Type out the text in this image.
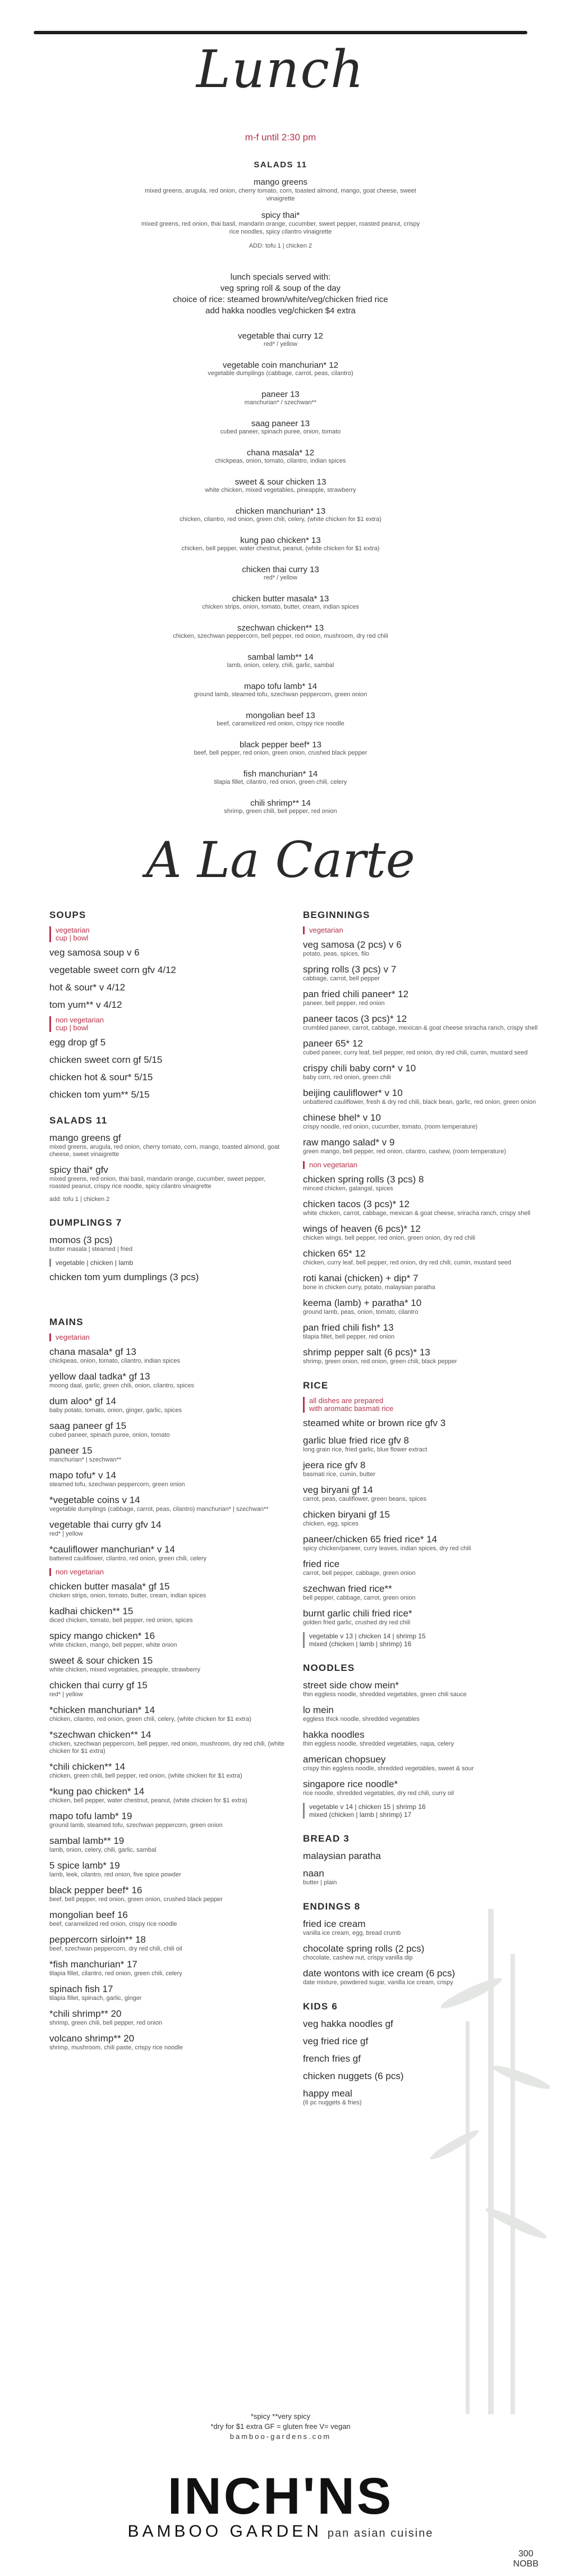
Lunch
m-f until 2:30 pm
SALADS 11
mango greens
mixed greens, arugula, red onion, cherry tomato, corn, toasted almond, mango, goat cheese, sweet vinaigrette
spicy thai*
mixed greens, red onion, thai basil, mandarin orange, cucumber, sweet pepper, roasted peanut, crispy rice noodles, spicy cilantro vinaigrette
ADD: tofu 1 | chicken 2
lunch specials served with:
veg spring roll & soup of the day
choice of rice: steamed brown/white/veg/chicken fried rice
add hakka noodles veg/chicken $4 extra
vegetable thai curry 12
red* / yellow
vegetable coin manchurian* 12
vegetable dumplings (cabbage, carrot, peas, cilantro)
paneer 13
manchurian* / szechwan**
saag paneer 13
cubed paneer, spinach puree, onion, tomato
chana masala* 12
chickpeas, onion, tomato, cilantro, indian spices
sweet & sour chicken 13
white chicken, mixed vegetables, pineapple, strawberry
chicken manchurian* 13
chicken, cilantro, red onion, green chili, celery, (white chicken for $1 extra)
kung pao chicken* 13
chicken, bell pepper, water chestnut, peanut, (white chicken for $1 extra)
chicken thai curry 13
red* / yellow
chicken butter masala* 13
chicken strips, onion, tomato, butter, cream, indian spices
szechwan chicken** 13
chicken, szechwan peppercorn, bell pepper, red onion, mushroom, dry red chili
sambal lamb** 14
lamb, onion, celery, chili, garlic, sambal
mapo tofu lamb* 14
ground lamb, steamed tofu, szechwan peppercorn, green onion
mongolian beef 13
beef, caramelized red onion, crispy rice noodle
black pepper beef* 13
beef, bell pepper, red onion, green onion, crushed black pepper
fish manchurian* 14
tilapia fillet, cilantro, red onion, green chili, celery
chili shrimp** 14
shrimp, green chili, bell pepper, red onion
A La Carte
SOUPS
vegetarian
cup | bowl
veg samosa soup v 6
vegetable sweet corn gfv 4/12
hot & sour* v 4/12
tom yum** v 4/12
non vegetarian
cup | bowl
egg drop gf 5
chicken sweet corn gf 5/15
chicken hot & sour* 5/15
chicken tom yum** 5/15
SALADS 11
mango greens gf
mixed greens, arugula, red onion, cherry tomato, corn, mango, toasted almond, goat cheese, sweet vinaigrette
spicy thai* gfv
mixed greens, red onion, thai basil, mandarin orange, cucumber, sweet pepper, roasted peanut, crispy rice noodle, spicy cilantro vinaigrette
add: tofu 1 | chicken 2
DUMPLINGS 7
momos (3 pcs)
butter masala | steamed | fried
vegetable | chicken | lamb
chicken tom yum dumplings (3 pcs)
MAINS
vegetarian
chana masala* gf 13
chickpeas, onion, tomato, cilantro, indian spices
yellow daal tadka* gf 13
moong daal, garlic, green chili, onion, cilantro, spices
dum aloo* gf 14
baby potato, tomato, onion, ginger, garlic, spices
saag paneer gf 15
cubed paneer, spinach puree, onion, tomato
paneer 15
manchurian* | szechwan**
mapo tofu* v 14
steamed tofu, szechwan peppercorn, green onion
*vegetable coins v 14
vegetable dumplings (cabbage, carrot, peas, cilantro) manchurian* | szechwan**
vegetable thai curry gfv 14
red* | yellow
*cauliflower manchurian* v 14
battered cauliflower, cilantro, red onion, green chili, celery
non vegetarian
chicken butter masala* gf 15
chicken strips, onion, tomato, butter, cream, indian spices
kadhai chicken** 15
diced chicken, tomato, bell pepper, red onion, spices
spicy mango chicken* 16
white chicken, mango, bell pepper, white onion
sweet & sour chicken 15
white chicken, mixed vegetables, pineapple, strawberry
chicken thai curry gf 15
red* | yellow
*chicken manchurian* 14
chicken, cilantro, red onion, green chili, celery, (white chicken for $1 extra)
*szechwan chicken** 14
chicken, szechwan peppercorn, bell pepper, red onion, mushroom, dry red chili, (white chicken for $1 extra)
*chili chicken** 14
chicken, green chili, bell pepper, red onion, (white chicken for $1 extra)
*kung pao chicken* 14
chicken, bell pepper, water chestnut, peanut, (white chicken for $1 extra)
mapo tofu lamb* 19
ground lamb, steamed tofu, szechwan peppercorn, green onion
sambal lamb** 19
lamb, onion, celery, chili, garlic, sambal
5 spice lamb* 19
lamb, leek, cilantro, red onion, five spice powder
black pepper beef* 16
beef, bell pepper, red onion, green onion, crushed black pepper
mongolian beef 16
beef, caramelized red onion, crispy rice noodle
peppercorn sirloin** 18
beef, szechwan peppercorn, dry red chili, chili oil
*fish manchurian* 17
tilapia fillet, cilantro, red onion, green chili, celery
spinach fish 17
tilapia fillet, spinach, garlic, ginger
*chili shrimp** 20
shrimp, green chili, bell pepper, red onion
volcano shrimp** 20
shrimp, mushroom, chili paste, crispy rice noodle
BEGINNINGS
vegetarian
veg samosa (2 pcs) v 6
potato, peas, spices, filo
spring rolls (3 pcs) v 7
cabbage, carrot, bell pepper
pan fried chili paneer* 12
paneer, bell pepper, red onion
paneer tacos (3 pcs)* 12
crumbled paneer, carrot, cabbage, mexican & goat cheese sriracha ranch, crispy shell
paneer 65* 12
cubed paneer, curry leaf, bell pepper, red onion, dry red chili, cumin, mustard seed
crispy chili baby corn* v 10
baby corn, red onion, green chili
beijing cauliflower* v 10
unbattered cauliflower, fresh & dry red chili, black bean, garlic, red onion, green onion
chinese bhel* v 10
crispy noodle, red onion, cucumber, tomato, (room temperature)
raw mango salad* v 9
green mango, bell pepper, red onion, cilantro, cashew, (room temperature)
non vegetarian
chicken spring rolls (3 pcs) 8
minced chicken, galangal, spices
chicken tacos (3 pcs)* 12
white chicken, carrot, cabbage, mexican & goat cheese, sriracha ranch, crispy shell
wings of heaven (6 pcs)* 12
chicken wings, bell pepper, red onion, green onion, dry red chili
chicken 65* 12
chicken, curry leaf, bell pepper, red onion, dry red chili, cumin, mustard seed
roti kanai (chicken) + dip* 7
bone in chicken curry, potato, malaysian paratha
keema (lamb) + paratha* 10
ground lamb, peas, onion, tomato, cilantro
pan fried chili fish* 13
tilapia fillet, bell pepper, red onion
shrimp pepper salt (6 pcs)* 13
shrimp, green onion, red onion, green chili, black pepper
RICE
all dishes are prepared
with aromatic basmati rice
steamed white or brown rice gfv 3
garlic blue fried rice gfv 8
long grain rice, fried garlic, blue flower extract
jeera rice gfv 8
basmati rice, cumin, butter
veg biryani gf 14
carrot, peas, cauliflower, green beans, spices
chicken biryani gf 15
chicken, egg, spices
paneer/chicken 65 fried rice* 14
spicy chicken/paneer, curry leaves, indian spices, dry red chili
fried rice
carrot, bell pepper, cabbage, green onion
szechwan fried rice**
bell pepper, cabbage, carrot, green onion
burnt garlic chili fried rice*
golden fried garlic, crushed dry red chili
vegetable v 13 | chicken 14 | shrimp 15
mixed (chicken | lamb | shrimp) 16
NOODLES
street side chow mein*
thin eggless noodle, shredded vegetables, green chili sauce
lo mein
eggless thick noodle, shredded vegetables
hakka noodles
thin eggless noodle, shredded vegetables, napa, celery
american chopsuey
crispy thin eggless noodle, shredded vegetables, sweet & sour
singapore rice noodle*
rice noodle, shredded vegetables, dry red chili, curry oil
vegetable v 14 | chicken 15 | shrimp 16
mixed (chicken | lamb | shrimp) 17
BREAD 3
malaysian paratha
naan
butter | plain
ENDINGS 8
fried ice cream
vanilla ice cream, egg, bread crumb
chocolate spring rolls (2 pcs)
chocolate, cashew nut, crispy vanilla dip
date wontons with ice cream (6 pcs)
date mixture, powdered sugar, vanilla ice cream, crispy
KIDS 6
veg hakka noodles gf
veg fried rice gf
french fries gf
chicken nuggets (6 pcs)
happy meal
(6 pc nuggets & fries)
*spicy **very spicy
*dry for $1 extra GF = gluten free V= vegan
bamboo-gardens.com
INCH'NS
BAMBOO GARDEN pan asian cuisine
300
NOBB
